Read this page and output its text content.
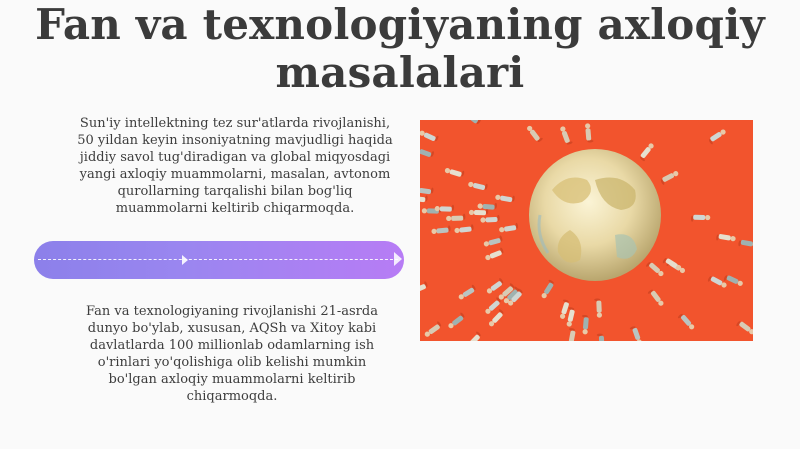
Fan va texnologiyaning axloqiy masalalari

Sun'iy intellektning tez sur'atlarda rivojlanishi, 50 yildan keyin insoniyatning mavjudligi haqida jiddiy savol tug'diradigan va global miqyosdagi yangi axloqiy muammolarni, masalan, avtonom qurollarning tarqalishi bilan bog'liq muammolarni keltirib chiqarmoqda.

Fan va texnologiyaning rivojlanishi 21-asrda dunyo bo'ylab, xususan, AQSh va Xitoy kabi davlatlarda 100 millionlab odamlarning ish o'rinlari yo'qolishiga olib kelishi mumkin bo'lgan axloqiy muammolarni keltirib chiqarmoqda.
